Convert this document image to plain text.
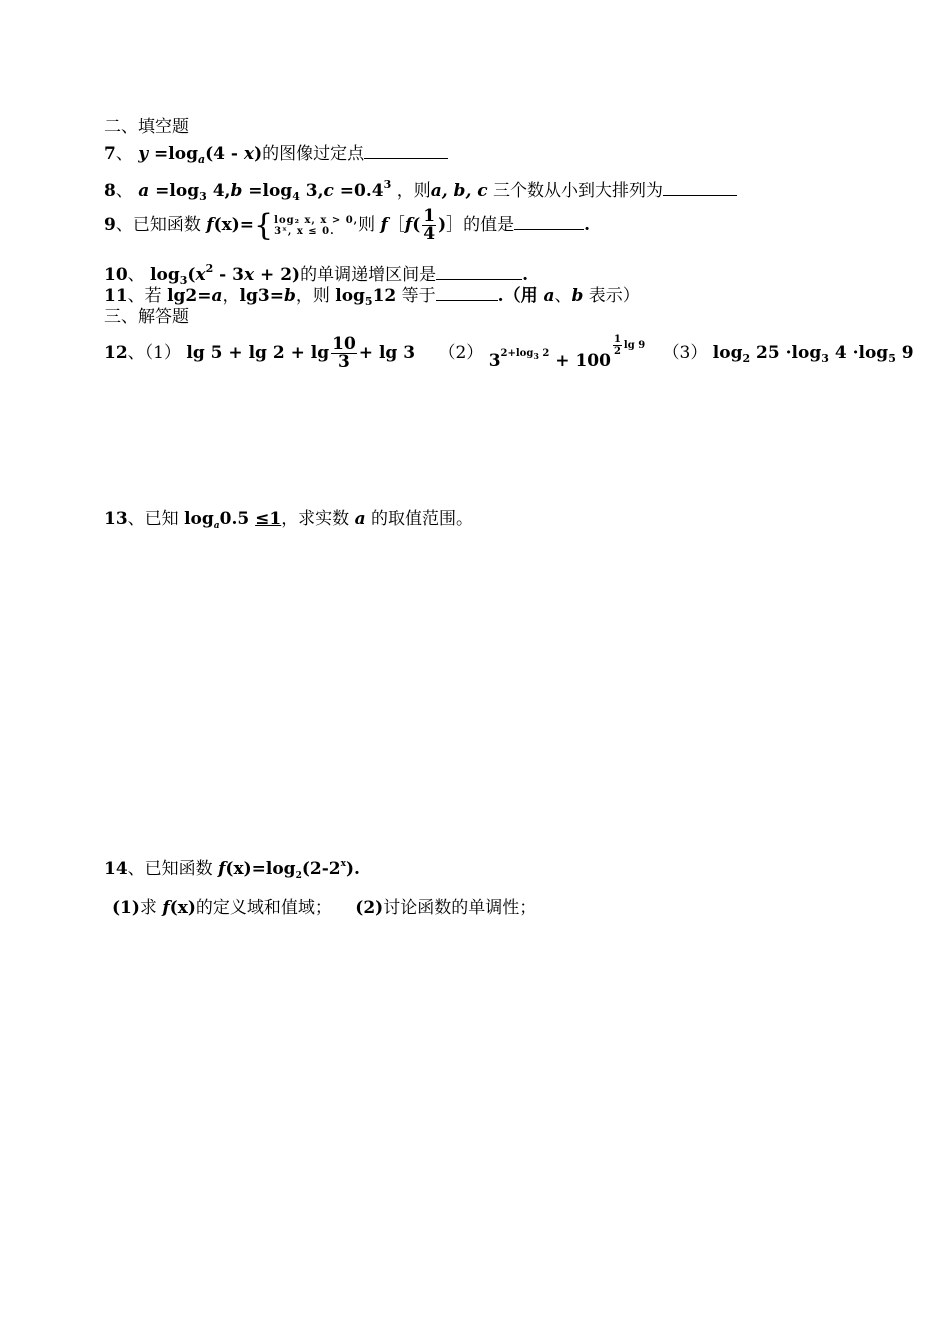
二、填空题
7、 $y =\log_a(4 - x)$的图像过定点
8、 $a =\log_3$ $4,b =\log_4$ $3,c =0.4^3$ ，则a, b, c 三个数从小到大排列为
9、已知函数 f(x)={ log₂ x, x > 0,
3ˣ, x ≤ 0.	则 f［f( $\frac{1}{4}$ )］的值是	.
10、 $\log_3(x^2 - 3x + 2)$的单调递增区间是	.
11、若 lg2=a，lg3=b，则 $\log_512$ 等于	.（用 a、b 表示）
三、解答题
12、（1） $\lg 5 + \lg 2 + \lg \frac{10}{3} + \lg 3$ （2） 32+log3 2 + 100
$\frac{1}{2} ^{lg 9}$ （3） $\log_2 25 \cdot\log_3$ $4 \cdot\log_5$ 9
13、已知 $\log_a0.5 \le 1$，求实数 a 的取值范围。
14、已知函数 $f(x)=\log_2(2-2^x)$.
(1)求 f(x)的定义域和值域； (2)讨论函数的单调性；
